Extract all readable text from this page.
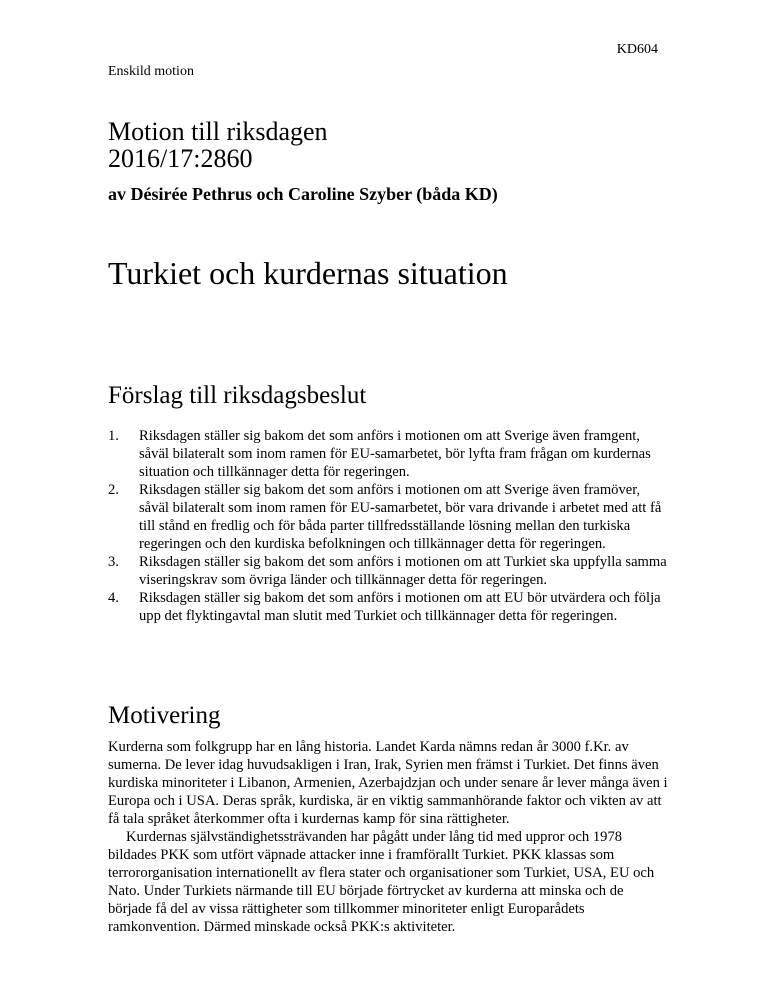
KD604
Enskild motion
Motion till riksdagen
2016/17:2860
av Désirée Pethrus och Caroline Szyber (båda KD)
Turkiet och kurdernas situation
Förslag till riksdagsbeslut
1. Riksdagen ställer sig bakom det som anförs i motionen om att Sverige även framgent, såväl bilateralt som inom ramen för EU-samarbetet, bör lyfta fram frågan om kurdernas situation och tillkännager detta för regeringen.
2. Riksdagen ställer sig bakom det som anförs i motionen om att Sverige även framöver, såväl bilateralt som inom ramen för EU-samarbetet, bör vara drivande i arbetet med att få till stånd en fredlig och för båda parter tillfredsställande lösning mellan den turkiska regeringen och den kurdiska befolkningen och tillkännager detta för regeringen.
3. Riksdagen ställer sig bakom det som anförs i motionen om att Turkiet ska uppfylla samma viseringskrav som övriga länder och tillkännager detta för regeringen.
4. Riksdagen ställer sig bakom det som anförs i motionen om att EU bör utvärdera och följa upp det flyktingavtal man slutit med Turkiet och tillkännager detta för regeringen.
Motivering

Kurderna som folkgrupp har en lång historia. Landet Karda nämns redan år 3000 f.Kr. av sumerna. De lever idag huvudsakligen i Iran, Irak, Syrien men främst i Turkiet. Det finns även kurdiska minoriteter i Libanon, Armenien, Azerbajdzjan och under senare år lever många även i Europa och i USA. Deras språk, kurdiska, är en viktig sammanhörande faktor och vikten av att få tala språket återkommer ofta i kurdernas kamp för sina rättigheter.

Kurdernas självständighetssträvanden har pågått under lång tid med uppror och 1978 bildades PKK som utfört väpnade attacker inne i framförallt Turkiet. PKK klassas som terrororganisation internationellt av flera stater och organisationer som Turkiet, USA, EU och Nato. Under Turkiets närmande till EU började förtrycket av kurderna att minska och de började få del av vissa rättigheter som tillkommer minoriteter enligt Europarådets ramkonvention. Därmed minskade också PKK:s aktiviteter.
